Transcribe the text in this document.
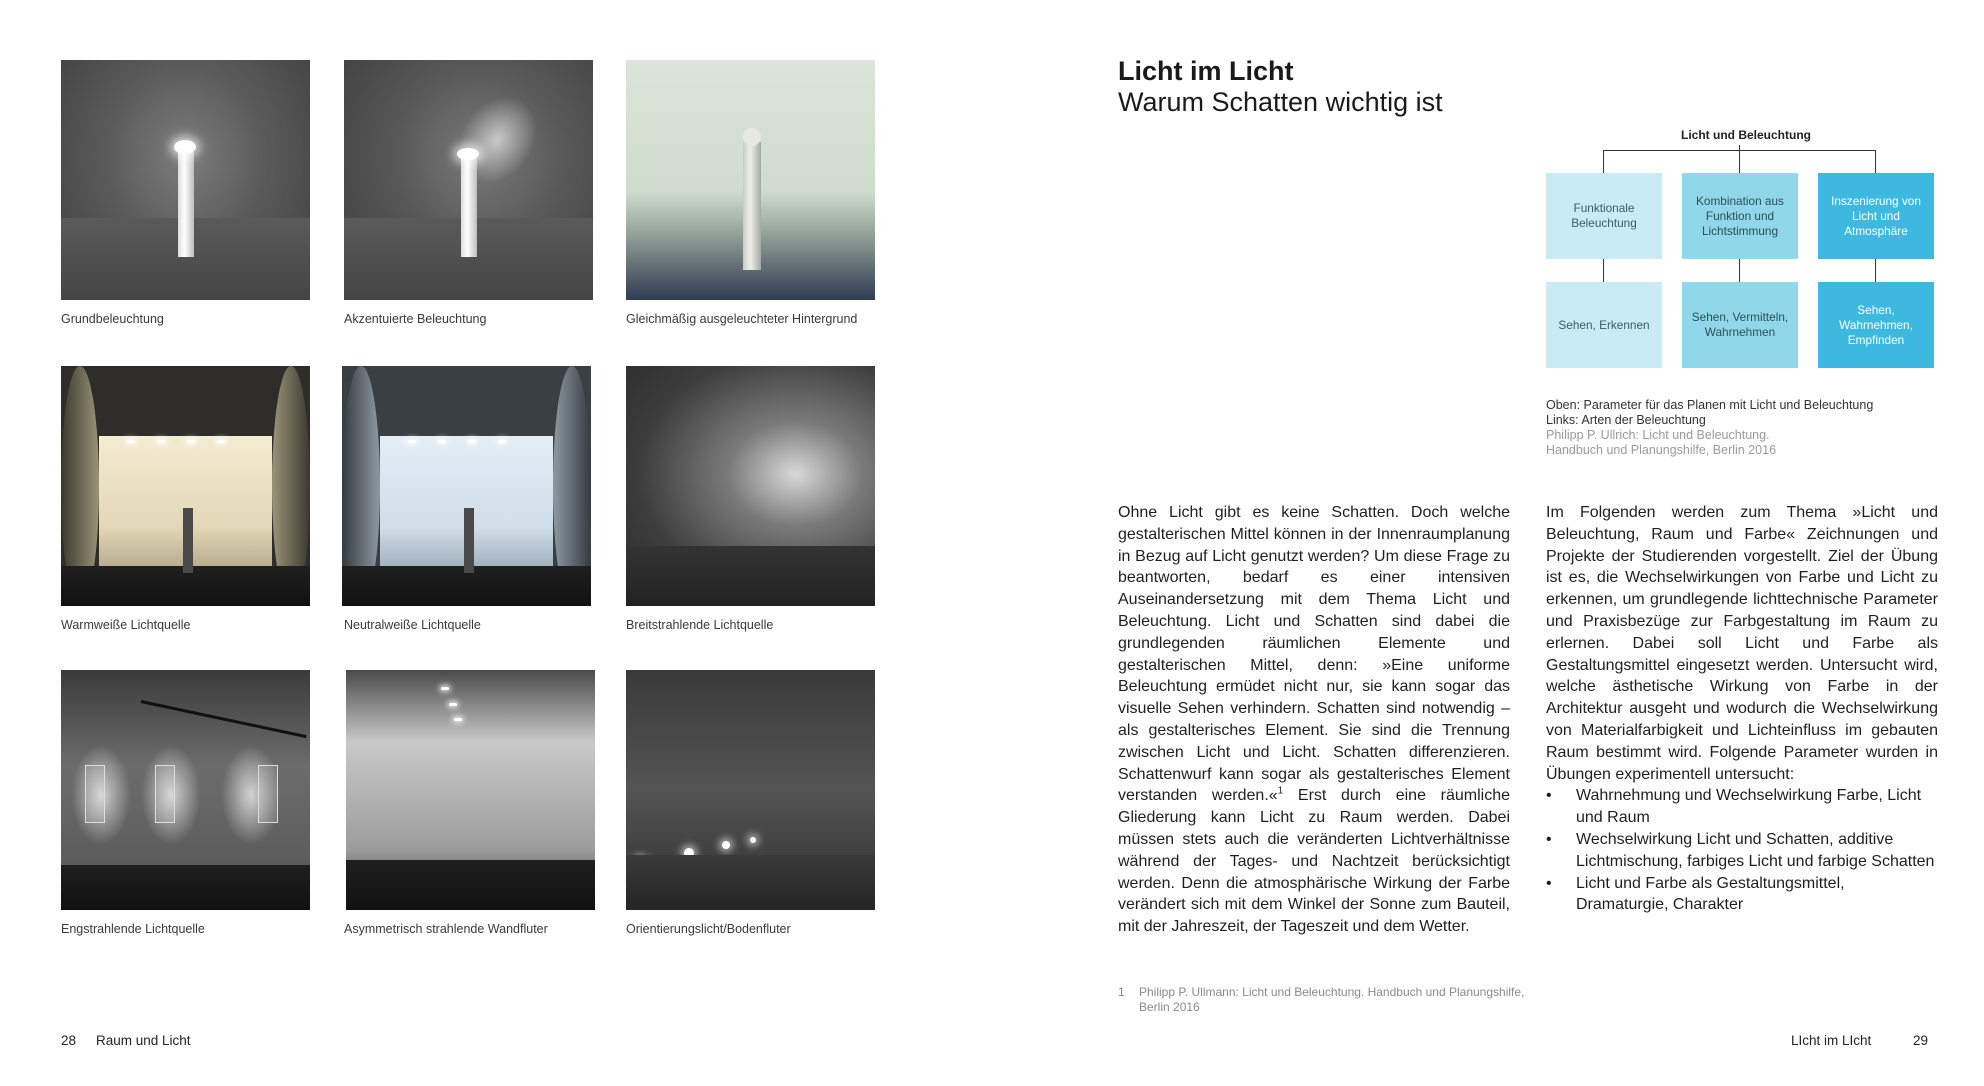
Grundbeleuchtung	Akzentuierte Beleuchtung	Gleichmäßig ausgeleuchteter Hintergrund
Warmweiße Lichtquelle	Neutralweiße Lichtquelle	Breitstrahlende Lichtquelle
Engstrahlende Lichtquelle	Asymmetrisch strahlende Wandfluter	Orientierungslicht/Bodenfluter
28 Raum und Licht
Licht im Licht
Warum Schatten wichtig ist
Licht und Beleuchtung
Funktionale Beleuchtung
Kombination aus Funktion und Lichtstimmung
Inszenierung von Licht und Atmosphäre
Sehen, Erkennen
Sehen, Vermitteln, Wahrnehmen
Sehen, Wahrnehmen, Empfinden
Oben: Parameter für das Planen mit Licht und Beleuchtung
Links: Arten der Beleuchtung
Philipp P. Ullrich: Licht und Beleuchtung.
Handbuch und Planungshilfe, Berlin 2016

Ohne Licht gibt es keine Schatten. Doch welche gestalterischen Mittel können in der Innenraumplanung in Bezug auf Licht genutzt werden? Um diese Frage zu beantworten, bedarf es einer intensiven Auseinandersetzung mit dem Thema Licht und Beleuchtung. Licht und Schatten sind dabei die grundlegenden räumlichen Elemente und gestalterischen Mittel, denn: »Eine uniforme Beleuchtung ermüdet nicht nur, sie kann sogar das visuelle Sehen verhindern. Schatten sind notwendig – als gestalterisches Element. Sie sind die Trennung zwischen Licht und Licht. Schatten differenzieren. Schattenwurf kann sogar als gestalterisches Element verstanden werden.«$^1$ Erst durch eine räumliche Gliederung kann Licht zu Raum werden. Dabei müssen stets auch die veränderten Lichtverhältnisse während der Tages- und Nachtzeit berücksichtigt werden. Denn die atmosphärische Wirkung der Farbe verändert sich mit dem Winkel der Sonne zum Bauteil, mit der Jahreszeit, der Tageszeit und dem Wetter.

Im Folgenden werden zum Thema »Licht und Beleuchtung, Raum und Farbe« Zeichnungen und Projekte der Studierenden vorgestellt. Ziel der Übung ist es, die Wechselwirkungen von Farbe und Licht zu erkennen, um grundlegende lichttechnische Parameter und Praxisbezüge zur Farbgestaltung im Raum zu erlernen. Dabei soll Licht und Farbe als Gestaltungsmittel eingesetzt werden. Untersucht wird, welche ästhetische Wirkung von Farbe in der Architektur ausgeht und wodurch die Wechselwirkung von Materialfarbigkeit und Lichteinfluss im gebauten Raum bestimmt wird. Folgende Parameter wurden in Übungen experimentell untersucht:

• Wahrnehmung und Wechselwirkung Farbe, Licht und Raum
• Wechselwirkung Licht und Schatten, additive Lichtmischung, farbiges Licht und farbige Schatten
• Licht und Farbe als Gestaltungsmittel, Dramaturgie, Charakter
1 Philipp P. Ullmann: Licht und Beleuchtung. Handbuch und Planungshilfe, Berlin 2016
LIcht im LIcht	29
